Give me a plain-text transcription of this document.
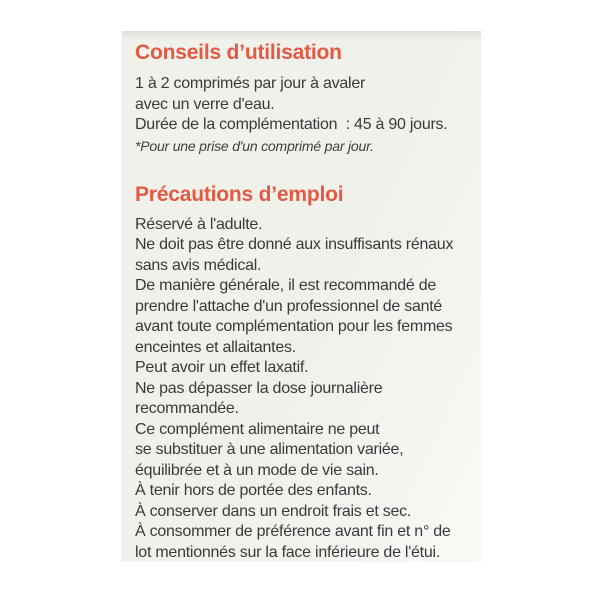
Conseils d’utilisation
1 à 2 comprimés par jour à avaler
avec un verre d'eau.
Durée de la complémentation  : 45 à 90 jours.
*Pour une prise d'un comprimé par jour.
Précautions d’emploi
Réservé à l'adulte.
Ne doit pas être donné aux insuffisants rénaux
sans avis médical.
De manière générale, il est recommandé de
prendre l'attache d'un professionnel de santé
avant toute complémentation pour les femmes
enceintes et allaitantes.
Peut avoir un effet laxatif.
Ne pas dépasser la dose journalière
recommandée.
Ce complément alimentaire ne peut
se substituer à une alimentation variée,
équilibrée et à un mode de vie sain.
À tenir hors de portée des enfants.
À conserver dans un endroit frais et sec.
À consommer de préférence avant fin et n° de
lot mentionnés sur la face inférieure de l'étui.
